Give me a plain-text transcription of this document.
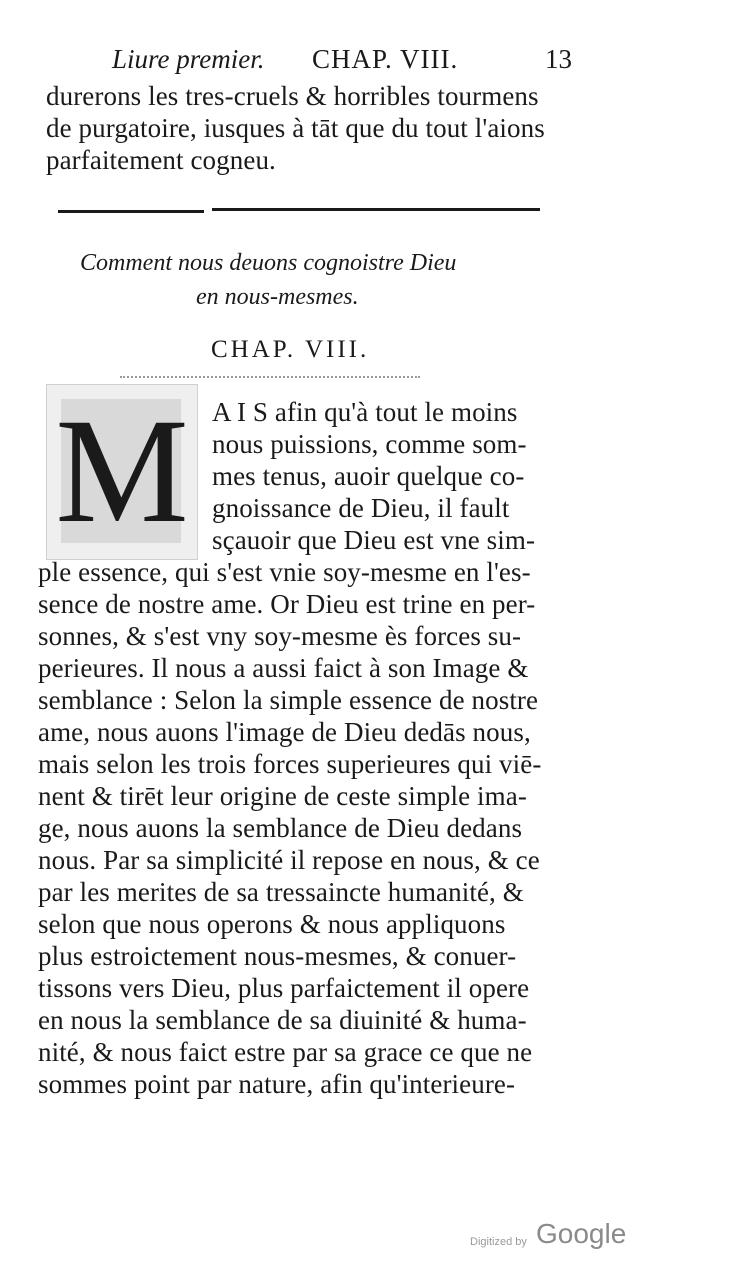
Liure premier. CHAP. VIII.	13
durerons les tres-cruels & horribles tourmens
de purgatoire, iusques à tāt que du tout l'aions
parfaitement cogneu.
Comment nous deuons cognoistre Dieu
en nous-mesmes.
CHAP. VIII.
M A I S afin qu'à tout le moins
nous puissions, comme som-
mes tenus, auoir quelque co-
gnoissance de Dieu, il fault
sçauoir que Dieu est vne sim-
ple essence, qui s'est vnie soy-mesme en l'es-
sence de nostre ame. Or Dieu est trine en per-
sonnes, & s'est vny soy-mesme ès forces su-
perieures. Il nous a aussi faict à son Image &
semblance : Selon la simple essence de nostre
ame, nous auons l'image de Dieu dedās nous,
mais selon les trois forces superieures qui viē-
nent & tirēt leur origine de ceste simple ima-
ge, nous auons la semblance de Dieu dedans
nous. Par sa simplicité il repose en nous, & ce
par les merites de sa tressaincte humanité, &
selon que nous operons & nous appliquons
plus estroictement nous-mesmes, & conuer-
tissons vers Dieu, plus parfaictement il opere
en nous la semblance de sa diuinité & huma-
nité, & nous faict estre par sa grace ce que ne
sommes point par nature, afin qu'interieure-
Digitized by Google
